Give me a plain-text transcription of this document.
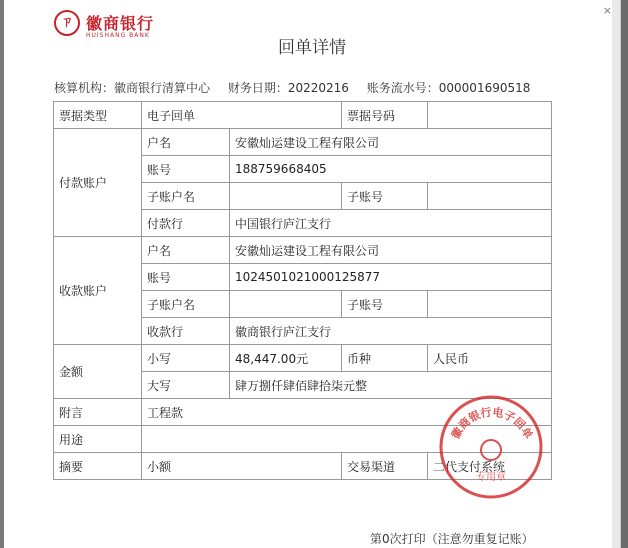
×
ㄗ 徽商银行
HUISHANG BANK
回单详情
核算机构：徽商银行清算中心 财务日期：20220216 账务流水号：000001690518
票据类型	电子回单		票据号码	
付款账户	户名	安徽灿运建设工程有限公司		
	账号	188759668405		
	子账户名		子账号	
	付款行	中国银行庐江支行		
收款账户	户名	安徽灿运建设工程有限公司		
	账号	1024501021000125877		
	子账户名		子账号	
	收款行	徽商银行庐江支行		
金额	小写	48,447.00元	币种	人民币
	大写	肆万捌仟肆佰肆拾柒元整		
附言	工程款			
用途				
摘要	小额		交易渠道	二代支付系统
徽商银行电子回单
专用章
第0次打印（注意勿重复记账）
